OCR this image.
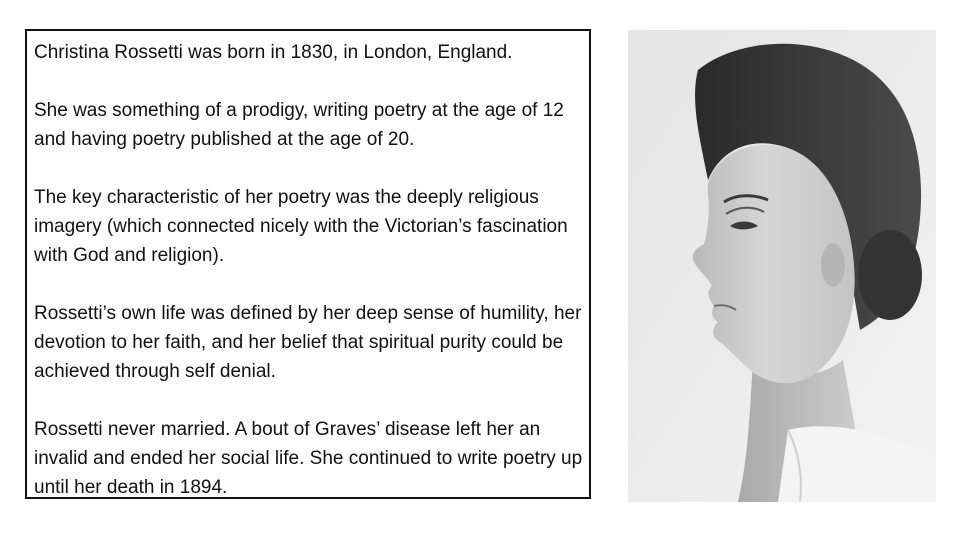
Christina Rossetti was born in 1830, in London, England.

She was something of a prodigy, writing poetry at the age of 12 and having poetry published at the age of 20.

The key characteristic of her poetry was the deeply religious imagery (which connected nicely with the Victorian’s fascination with God and religion).

Rossetti’s own life was defined by her deep sense of humility, her devotion to her faith, and her belief that spiritual purity could be achieved through self denial.

Rossetti never married. A bout of Graves’ disease left her an invalid and ended her social life. She continued to write poetry up until her death in 1894.
